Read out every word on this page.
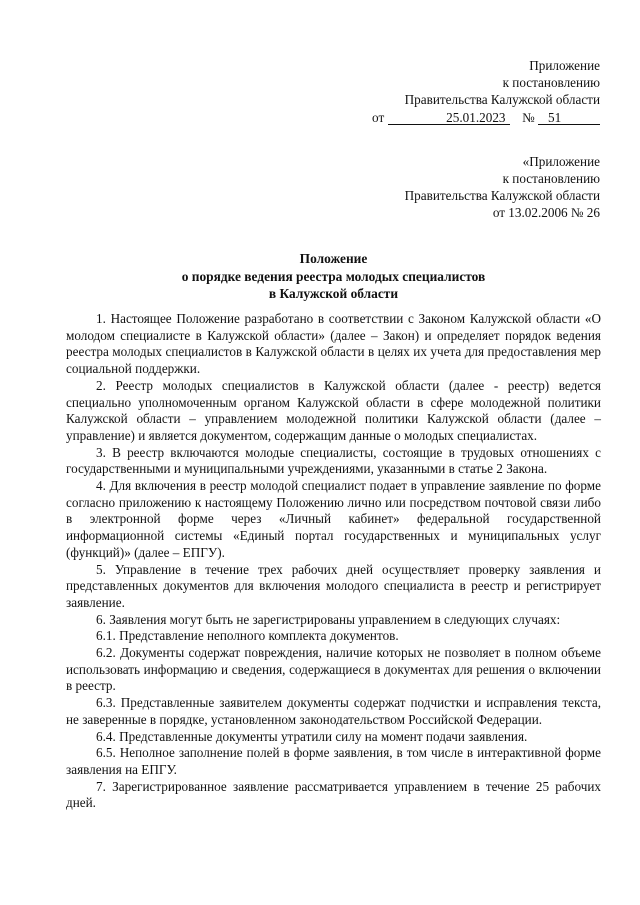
Приложение
к постановлению
Правительства Калужской области
от	25.01.2023 № 51
«Приложение
к постановлению
Правительства Калужской области
от 13.02.2006 № 26
Положение
о порядке ведения реестра молодых специалистов
в Калужской области

1. Настоящее Положение разработано в соответствии с Законом Калужской области «О молодом специалисте в Калужской области» (далее – Закон) и определяет порядок ведения реестра молодых специалистов в Калужской области в целях их учета для предоставления мер социальной поддержки.

2. Реестр молодых специалистов в Калужской области (далее - реестр) ведется специально уполномоченным органом Калужской области в сфере молодежной политики Калужской области – управлением молодежной политики Калужской области (далее – управление) и является документом, содержащим данные о молодых специалистах.

3. В реестр включаются молодые специалисты, состоящие в трудовых отношениях с государственными и муниципальными учреждениями, указанными в статье 2 Закона.

4. Для включения в реестр молодой специалист подает в управление заявление по форме согласно приложению к настоящему Положению лично или посредством почтовой связи либо в электронной форме через «Личный кабинет» федеральной государственной информационной системы «Единый портал государственных и муниципальных услуг (функций)» (далее – ЕПГУ).

5. Управление в течение трех рабочих дней осуществляет проверку заявления и представленных документов для включения молодого специалиста в реестр и регистрирует заявление.

6. Заявления могут быть не зарегистрированы управлением в следующих случаях:

6.1. Представление неполного комплекта документов.

6.2. Документы содержат повреждения, наличие которых не позволяет в полном объеме использовать информацию и сведения, содержащиеся в документах для решения о включении в реестр.

6.3. Представленные заявителем документы содержат подчистки и исправления текста, не заверенные в порядке, установленном законодательством Российской Федерации.

6.4. Представленные документы утратили силу на момент подачи заявления.

6.5. Неполное заполнение полей в форме заявления, в том числе в интерактивной форме заявления на ЕПГУ.

7. Зарегистрированное заявление рассматривается управлением в течение 25 рабочих дней.
